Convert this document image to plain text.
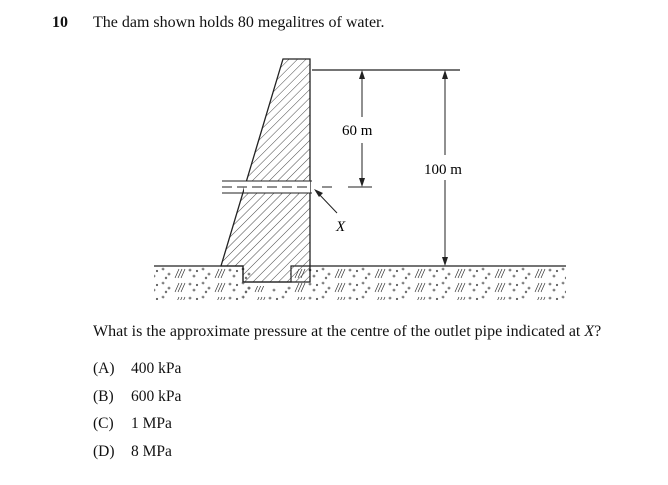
10 The dam shown holds 80 megalitres of water.
60 m
100 m
X
What is the approximate pressure at the centre of the outlet pipe indicated at X?
(A)	400 kPa
(B)	600 kPa
(C)	1 MPa
(D)	8 MPa
